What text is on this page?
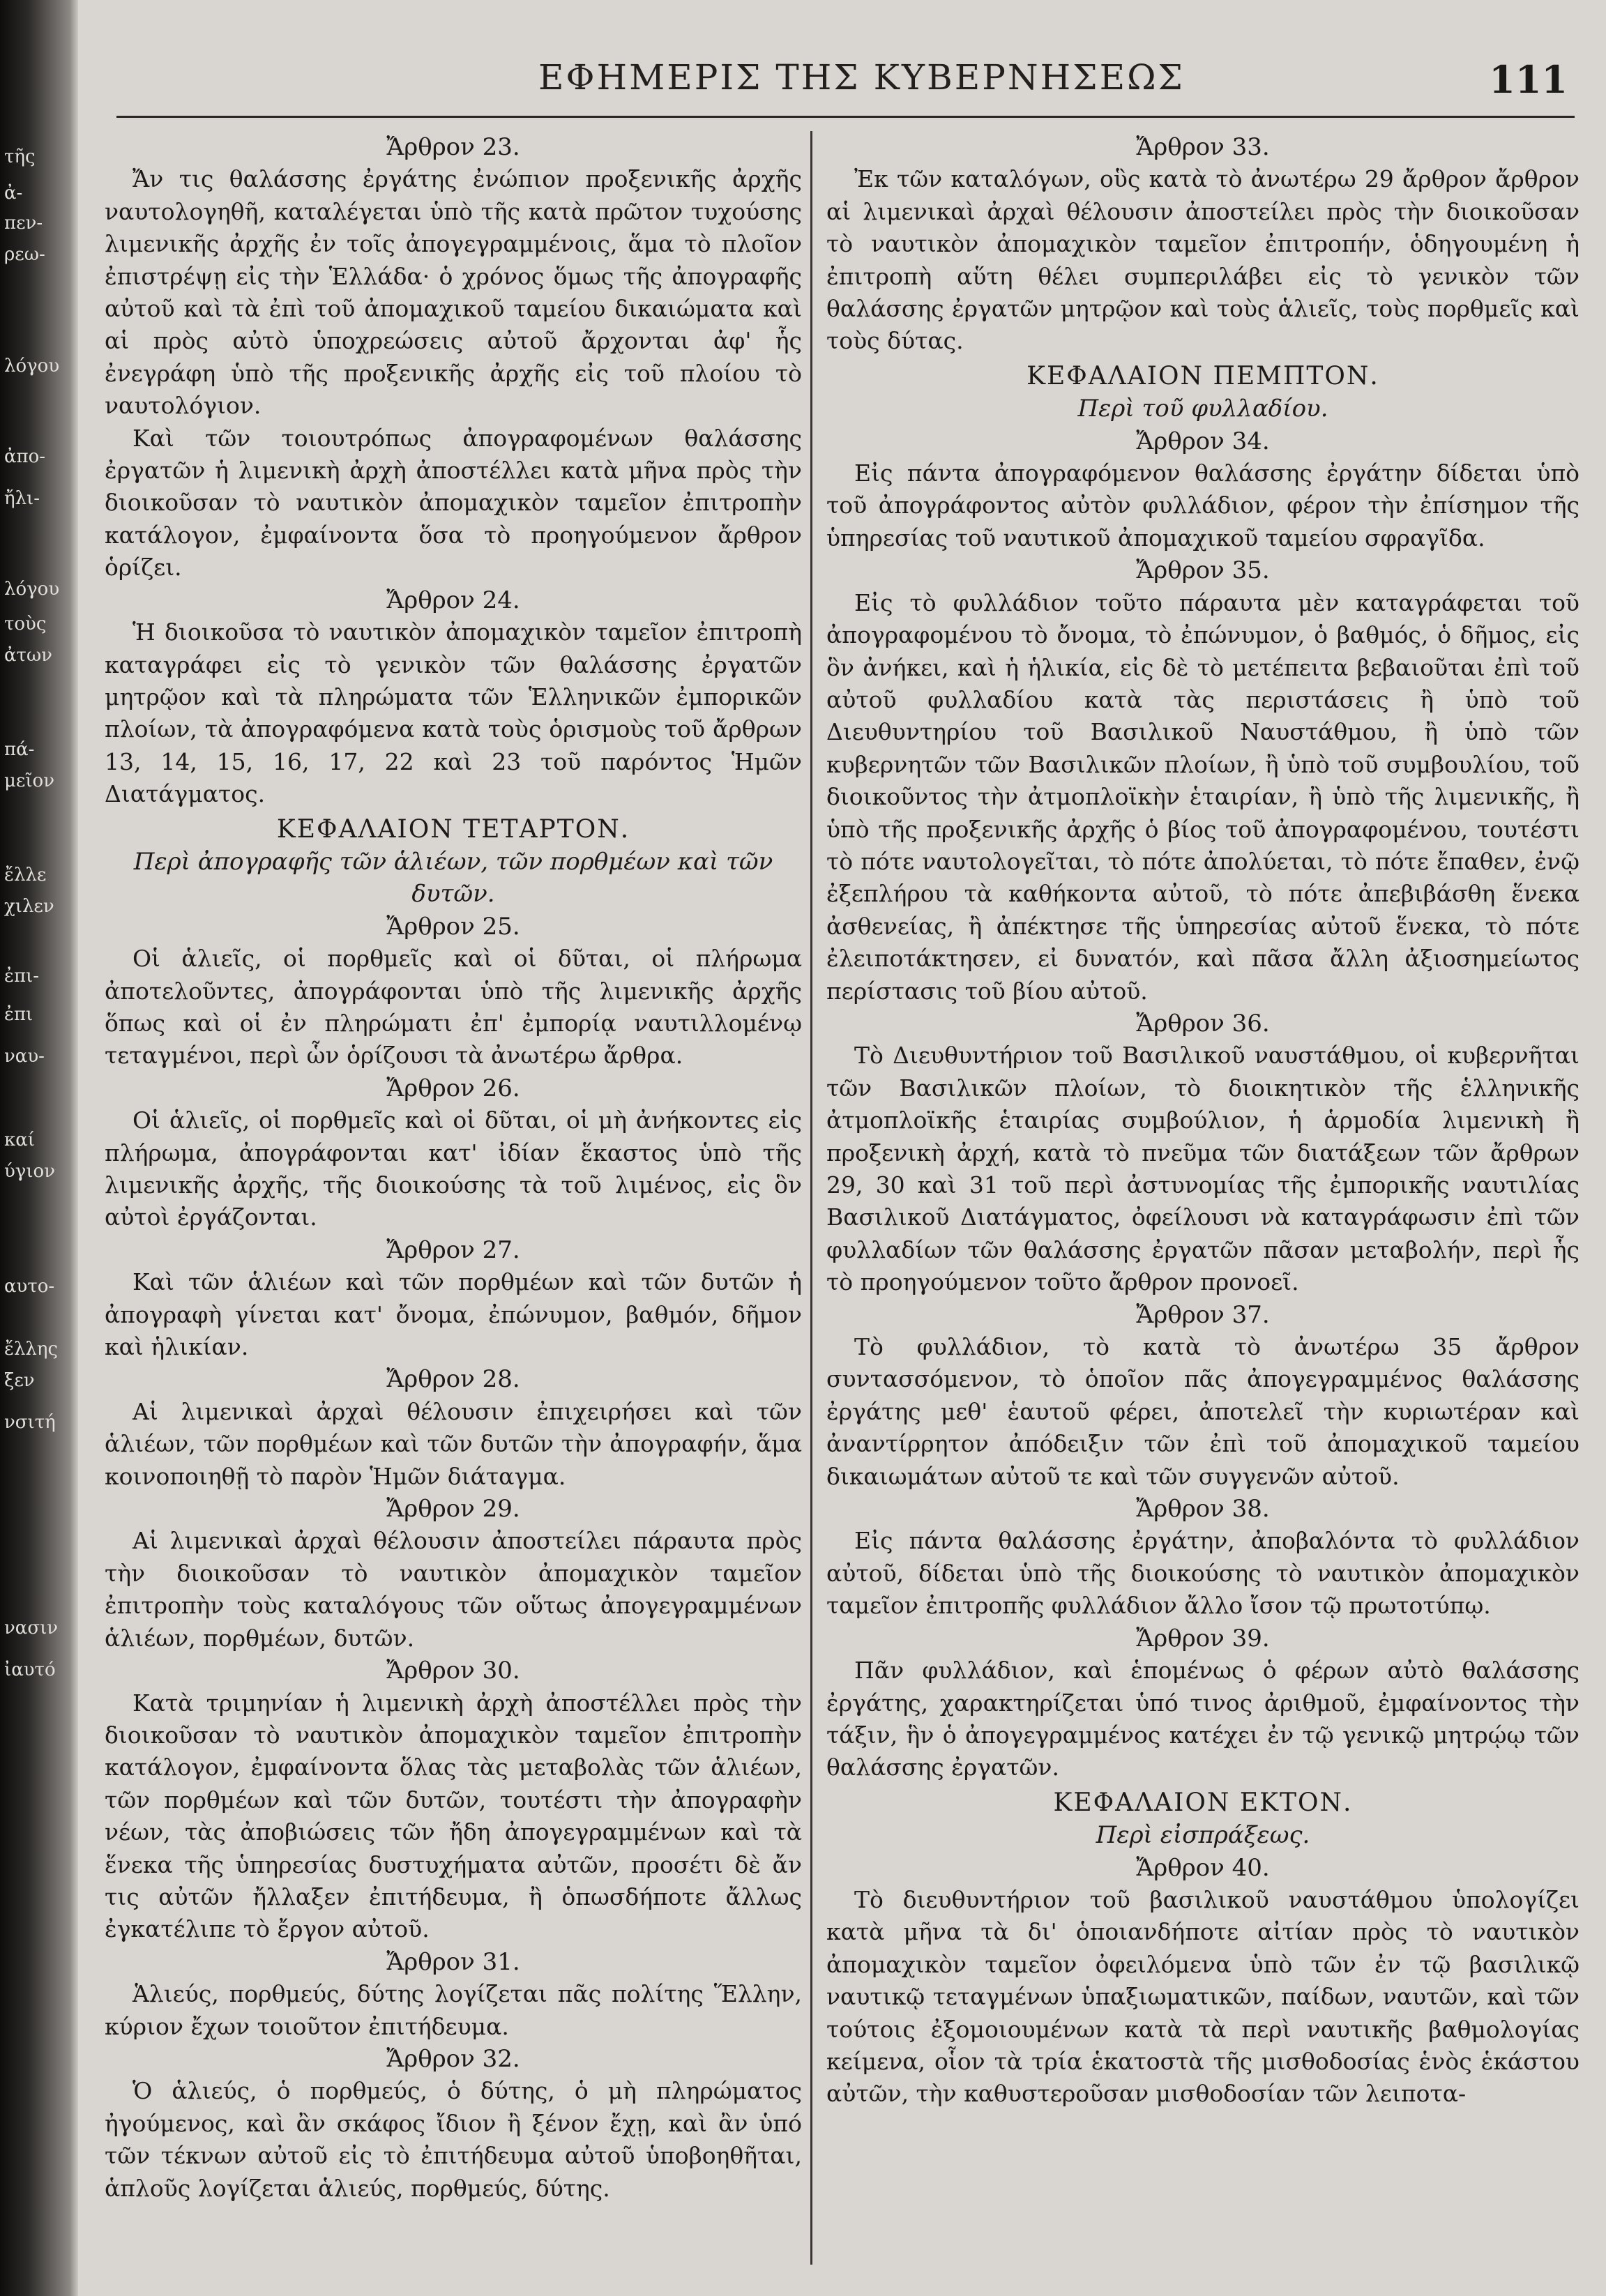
τῆς
ἀ-
πεν-
ρεω-
λόγου
ἀπο-
ἤλι-
λόγου
τοὺς
ἀτων
πά-
μεῖον
ἔλλε
χιλεν
ἐπι-
ἐπι
ναυ-
καί
ύγιον
αυτο-
ἔλλης
ξεν
νσιτή
νασιν
ἰαυτό
ΕΦΗΜΕΡΙΣ ΤΗΣ ΚΥΒΕΡΝΗΣΕΩΣ	111
Ἄρθρον 23.

Ἄν τις θαλάσσης ἐργάτης ἐνώπιον προξενικῆς ἀρχῆς ναυτολογηθῆ, καταλέγεται ὑπὸ τῆς κατὰ πρῶτον τυχούσης λιμενικῆς ἀρχῆς ἐν τοῖς ἀπογεγραμμένοις, ἅμα τὸ πλοῖον ἐπιστρέψῃ εἰς τὴν Ἑλλάδα· ὁ χρόνος ὅμως τῆς ἀπογραφῆς αὐτοῦ καὶ τὰ ἐπὶ τοῦ ἀπομαχικοῦ ταμείου δικαιώματα καὶ αἱ πρὸς αὐτὸ ὑποχρεώσεις αὐτοῦ ἄρχονται ἀφ' ἧς ἐνεγράφη ὑπὸ τῆς προξενικῆς ἀρχῆς εἰς τοῦ πλοίου τὸ ναυτολόγιον.

Καὶ τῶν τοιουτρόπως ἀπογραφομένων θαλάσσης ἐργατῶν ἡ λιμενικὴ ἀρχὴ ἀποστέλλει κατὰ μῆνα πρὸς τὴν διοικοῦσαν τὸ ναυτικὸν ἀπομαχικὸν ταμεῖον ἐπιτροπὴν κατάλογον, ἐμφαίνοντα ὅσα τὸ προηγούμενον ἄρθρον ὁρίζει.

Ἄρθρον 24.

Ἡ διοικοῦσα τὸ ναυτικὸν ἀπομαχικὸν ταμεῖον ἐπιτροπὴ καταγράφει εἰς τὸ γενικὸν τῶν θαλάσσης ἐργατῶν μητρῷον καὶ τὰ πληρώματα τῶν Ἑλληνικῶν ἐμπορικῶν πλοίων, τὰ ἀπογραφόμενα κατὰ τοὺς ὁρισμοὺς τοῦ ἄρθρων 13, 14, 15, 16, 17, 22 καὶ 23 τοῦ παρόντος Ἡμῶν Διατάγματος.

ΚΕΦΑΛΑΙΟΝ ΤΕΤΑΡΤΟΝ.
Περὶ ἀπογραφῆς τῶν ἁλιέων, τῶν πορθμέων καὶ τῶν δυτῶν.
Ἄρθρον 25.

Οἱ ἁλιεῖς, οἱ πορθμεῖς καὶ οἱ δῦται, οἱ πλήρωμα ἀποτελοῦντες, ἀπογράφονται ὑπὸ τῆς λιμενικῆς ἀρχῆς ὅπως καὶ οἱ ἐν πληρώματι ἐπ' ἐμπορίᾳ ναυτιλλομένῳ τεταγμένοι, περὶ ὧν ὁρίζουσι τὰ ἀνωτέρω ἄρθρα.

Ἄρθρον 26.

Οἱ ἁλιεῖς, οἱ πορθμεῖς καὶ οἱ δῦται, οἱ μὴ ἀνήκοντες εἰς πλήρωμα, ἀπογράφονται κατ' ἰδίαν ἕκαστος ὑπὸ τῆς λιμενικῆς ἀρχῆς, τῆς διοικούσης τὰ τοῦ λιμένος, εἰς ὃν αὐτοὶ ἐργάζονται.

Ἄρθρον 27.

Καὶ τῶν ἁλιέων καὶ τῶν πορθμέων καὶ τῶν δυτῶν ἡ ἀπογραφὴ γίνεται κατ' ὄνομα, ἐπώνυμον, βαθμόν, δῆμον καὶ ἡλικίαν.

Ἄρθρον 28.

Αἱ λιμενικαὶ ἀρχαὶ θέλουσιν ἐπιχειρήσει καὶ τῶν ἁλιέων, τῶν πορθμέων καὶ τῶν δυτῶν τὴν ἀπογραφήν, ἅμα κοινοποιηθῇ τὸ παρὸν Ἡμῶν διάταγμα.

Ἄρθρον 29.

Αἱ λιμενικαὶ ἀρχαὶ θέλουσιν ἀποστείλει πάραυτα πρὸς τὴν διοικοῦσαν τὸ ναυτικὸν ἀπομαχικὸν ταμεῖον ἐπιτροπὴν τοὺς καταλόγους τῶν οὕτως ἀπογεγραμμένων ἁλιέων, πορθμέων, δυτῶν.

Ἄρθρον 30.

Κατὰ τριμηνίαν ἡ λιμενικὴ ἀρχὴ ἀποστέλλει πρὸς τὴν διοικοῦσαν τὸ ναυτικὸν ἀπομαχικὸν ταμεῖον ἐπιτροπὴν κατάλογον, ἐμφαίνοντα ὅλας τὰς μεταβολὰς τῶν ἁλιέων, τῶν πορθμέων καὶ τῶν δυτῶν, τουτέστι τὴν ἀπογραφὴν νέων, τὰς ἀποβιώσεις τῶν ἤδη ἀπογεγραμμένων καὶ τὰ ἕνεκα τῆς ὑπηρεσίας δυστυχήματα αὐτῶν, προσέτι δὲ ἄν τις αὐτῶν ἤλλαξεν ἐπιτήδευμα, ἢ ὁπωσδήποτε ἄλλως ἐγκατέλιπε τὸ ἔργον αὐτοῦ.

Ἄρθρον 31.

Ἁλιεύς, πορθμεύς, δύτης λογίζεται πᾶς πολίτης Ἕλλην, κύριον ἔχων τοιοῦτον ἐπιτήδευμα.

Ἄρθρον 32.

Ὁ ἁλιεύς, ὁ πορθμεύς, ὁ δύτης, ὁ μὴ πληρώματος ἠγούμενος, καὶ ἂν σκάφος ἴδιον ἢ ξένον ἔχῃ, καὶ ἂν ὑπό τῶν τέκνων αὐτοῦ εἰς τὸ ἐπιτήδευμα αὐτοῦ ὑποβοηθῆται, ἁπλοῦς λογίζεται ἁλιεύς, πορθμεύς, δύτης.

Ἄρθρον 33.

Ἐκ τῶν καταλόγων, οὓς κατὰ τὸ ἀνωτέρω 29 ἄρθρον ἄρθρον αἱ λιμενικαὶ ἀρχαὶ θέλουσιν ἀποστείλει πρὸς τὴν διοικοῦσαν τὸ ναυτικὸν ἀπομαχικὸν ταμεῖον ἐπιτροπήν, ὁδηγουμένη ἡ ἐπιτροπὴ αὕτη θέλει συμπεριλάβει εἰς τὸ γενικὸν τῶν θαλάσσης ἐργατῶν μητρῷον καὶ τοὺς ἁλιεῖς, τοὺς πορθμεῖς καὶ τοὺς δύτας.

ΚΕΦΑΛΑΙΟΝ ΠΕΜΠΤΟΝ.
Περὶ τοῦ φυλλαδίου.
Ἄρθρον 34.

Εἰς πάντα ἀπογραφόμενον θαλάσσης ἐργάτην δίδεται ὑπὸ τοῦ ἀπογράφοντος αὐτὸν φυλλάδιον, φέρον τὴν ἐπίσημον τῆς ὑπηρεσίας τοῦ ναυτικοῦ ἀπομαχικοῦ ταμείου σφραγῖδα.

Ἄρθρον 35.

Εἰς τὸ φυλλάδιον τοῦτο πάραυτα μὲν καταγράφεται τοῦ ἀπογραφομένου τὸ ὄνομα, τὸ ἐπώνυμον, ὁ βαθμός, ὁ δῆμος, εἰς ὃν ἀνήκει, καὶ ἡ ἡλικία, εἰς δὲ τὸ μετέπειτα βεβαιοῦται ἐπὶ τοῦ αὐτοῦ φυλλαδίου κατὰ τὰς περιστάσεις ἢ ὑπὸ τοῦ Διευθυντηρίου τοῦ Βασιλικοῦ Ναυστάθμου, ἢ ὑπὸ τῶν κυβερνητῶν τῶν Βασιλικῶν πλοίων, ἢ ὑπὸ τοῦ συμβουλίου, τοῦ διοικοῦντος τὴν ἀτμοπλοϊκὴν ἑταιρίαν, ἢ ὑπὸ τῆς λιμενικῆς, ἢ ὑπὸ τῆς προξενικῆς ἀρχῆς ὁ βίος τοῦ ἀπογραφομένου, τουτέστι τὸ πότε ναυτολογεῖται, τὸ πότε ἀπολύεται, τὸ πότε ἔπαθεν, ἐνῷ ἐξεπλήρου τὰ καθήκοντα αὐτοῦ, τὸ πότε ἀπεβιβάσθη ἕνεκα ἀσθενείας, ἢ ἀπέκτησε τῆς ὑπηρεσίας αὐτοῦ ἕνεκα, τὸ πότε ἐλειποτάκτησεν, εἰ δυνατόν, καὶ πᾶσα ἄλλη ἀξιοσημείωτος περίστασις τοῦ βίου αὐτοῦ.

Ἄρθρον 36.

Τὸ Διευθυντήριον τοῦ Βασιλικοῦ ναυστάθμου, οἱ κυβερνῆται τῶν Βασιλικῶν πλοίων, τὸ διοικητικὸν τῆς ἑλληνικῆς ἀτμοπλοϊκῆς ἑταιρίας συμβούλιον, ἡ ἁρμοδία λιμενικὴ ἢ προξενικὴ ἀρχή, κατὰ τὸ πνεῦμα τῶν διατάξεων τῶν ἄρθρων 29, 30 καὶ 31 τοῦ περὶ ἀστυνομίας τῆς ἐμπορικῆς ναυτιλίας Βασιλικοῦ Διατάγματος, ὀφείλουσι νὰ καταγράφωσιν ἐπὶ τῶν φυλλαδίων τῶν θαλάσσης ἐργατῶν πᾶσαν μεταβολήν, περὶ ἧς τὸ προηγούμενον τοῦτο ἄρθρον προνοεῖ.

Ἄρθρον 37.

Τὸ φυλλάδιον, τὸ κατὰ τὸ ἀνωτέρω 35 ἄρθρον συντασσόμενον, τὸ ὁποῖον πᾶς ἀπογεγραμμένος θαλάσσης ἐργάτης μεθ' ἑαυτοῦ φέρει, ἀποτελεῖ τὴν κυριωτέραν καὶ ἀναντίρρητον ἀπόδειξιν τῶν ἐπὶ τοῦ ἀπομαχικοῦ ταμείου δικαιωμάτων αὐτοῦ τε καὶ τῶν συγγενῶν αὐτοῦ.

Ἄρθρον 38.

Εἰς πάντα θαλάσσης ἐργάτην, ἀποβαλόντα τὸ φυλλάδιον αὐτοῦ, δίδεται ὑπὸ τῆς διοικούσης τὸ ναυτικὸν ἀπομαχικὸν ταμεῖον ἐπιτροπῆς φυλλάδιον ἄλλο ἴσον τῷ πρωτοτύπῳ.

Ἄρθρον 39.

Πᾶν φυλλάδιον, καὶ ἑπομένως ὁ φέρων αὐτὸ θαλάσσης ἐργάτης, χαρακτηρίζεται ὑπό τινος ἀριθμοῦ, ἐμφαίνοντος τὴν τάξιν, ἣν ὁ ἀπογεγραμμένος κατέχει ἐν τῷ γενικῷ μητρῴῳ τῶν θαλάσσης ἐργατῶν.

ΚΕΦΑΛΑΙΟΝ ΕΚΤΟΝ.
Περὶ εἰσπράξεως.
Ἄρθρον 40.

Τὸ διευθυντήριον τοῦ βασιλικοῦ ναυστάθμου ὑπολογίζει κατὰ μῆνα τὰ δι' ὁποιανδήποτε αἰτίαν πρὸς τὸ ναυτικὸν ἀπομαχικὸν ταμεῖον ὀφειλόμενα ὑπὸ τῶν ἐν τῷ βασιλικῷ ναυτικῷ τεταγμένων ὑπαξιωματικῶν, παίδων, ναυτῶν, καὶ τῶν τούτοις ἐξομοιουμένων κατὰ τὰ περὶ ναυτικῆς βαθμολογίας κείμενα, οἷον τὰ τρία ἑκατοστὰ τῆς μισθοδοσίας ἑνὸς ἑκάστου αὐτῶν, τὴν καθυστεροῦσαν μισθοδοσίαν τῶν λειποτα-
